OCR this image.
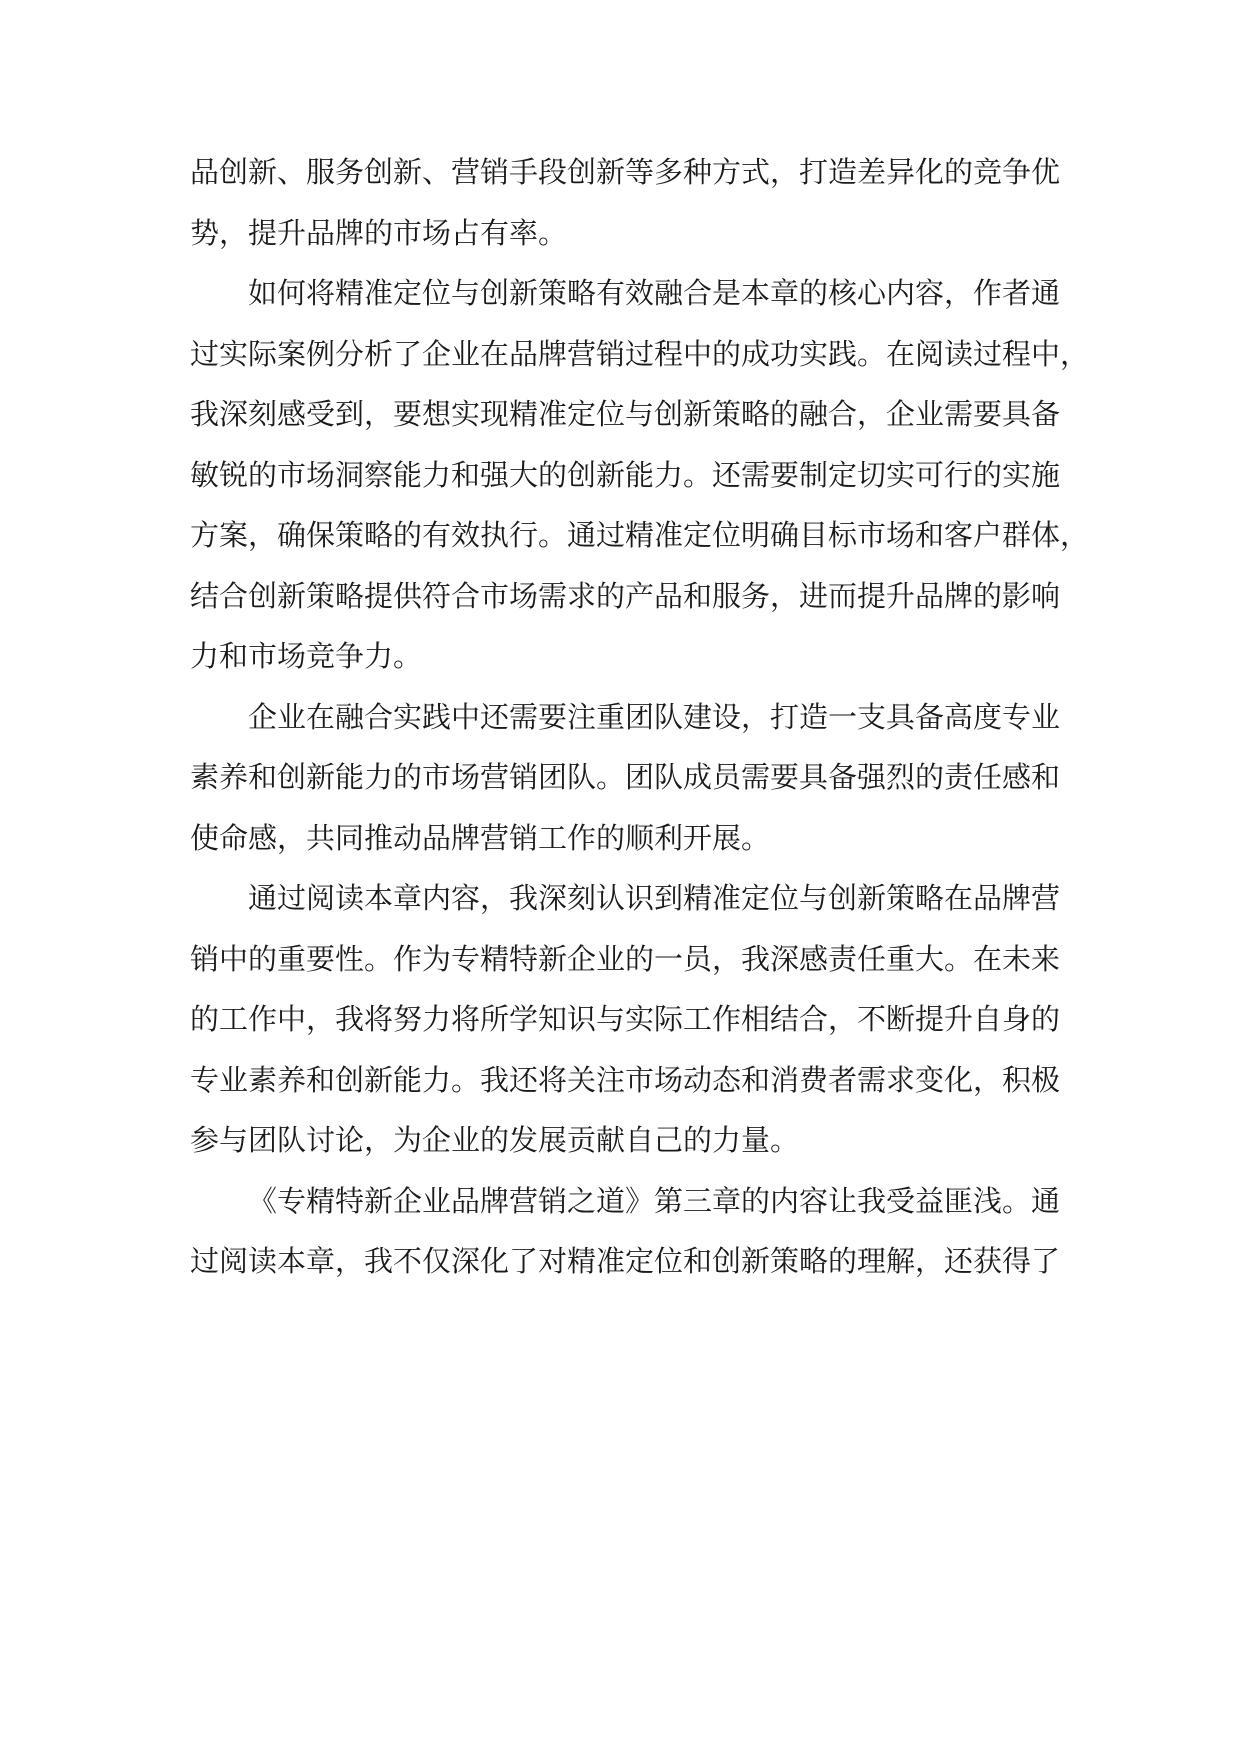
品创新、服务创新、营销手段创新等多种方式，打造差异化的竞争优
势，提升品牌的市场占有率。
如何将精准定位与创新策略有效融合是本章的核心内容，作者通
过实际案例分析了企业在品牌营销过程中的成功实践。在阅读过程中，
我深刻感受到，要想实现精准定位与创新策略的融合，企业需要具备
敏锐的市场洞察能力和强大的创新能力。还需要制定切实可行的实施
方案，确保策略的有效执行。通过精准定位明确目标市场和客户群体，
结合创新策略提供符合市场需求的产品和服务，进而提升品牌的影响
力和市场竞争力。
企业在融合实践中还需要注重团队建设，打造一支具备高度专业
素养和创新能力的市场营销团队。团队成员需要具备强烈的责任感和
使命感，共同推动品牌营销工作的顺利开展。
通过阅读本章内容，我深刻认识到精准定位与创新策略在品牌营
销中的重要性。作为专精特新企业的一员，我深感责任重大。在未来
的工作中，我将努力将所学知识与实际工作相结合，不断提升自身的
专业素养和创新能力。我还将关注市场动态和消费者需求变化，积极
参与团队讨论，为企业的发展贡献自己的力量。
《专精特新企业品牌营销之道》第三章的内容让我受益匪浅。通
过阅读本章，我不仅深化了对精准定位和创新策略的理解，还获得了
